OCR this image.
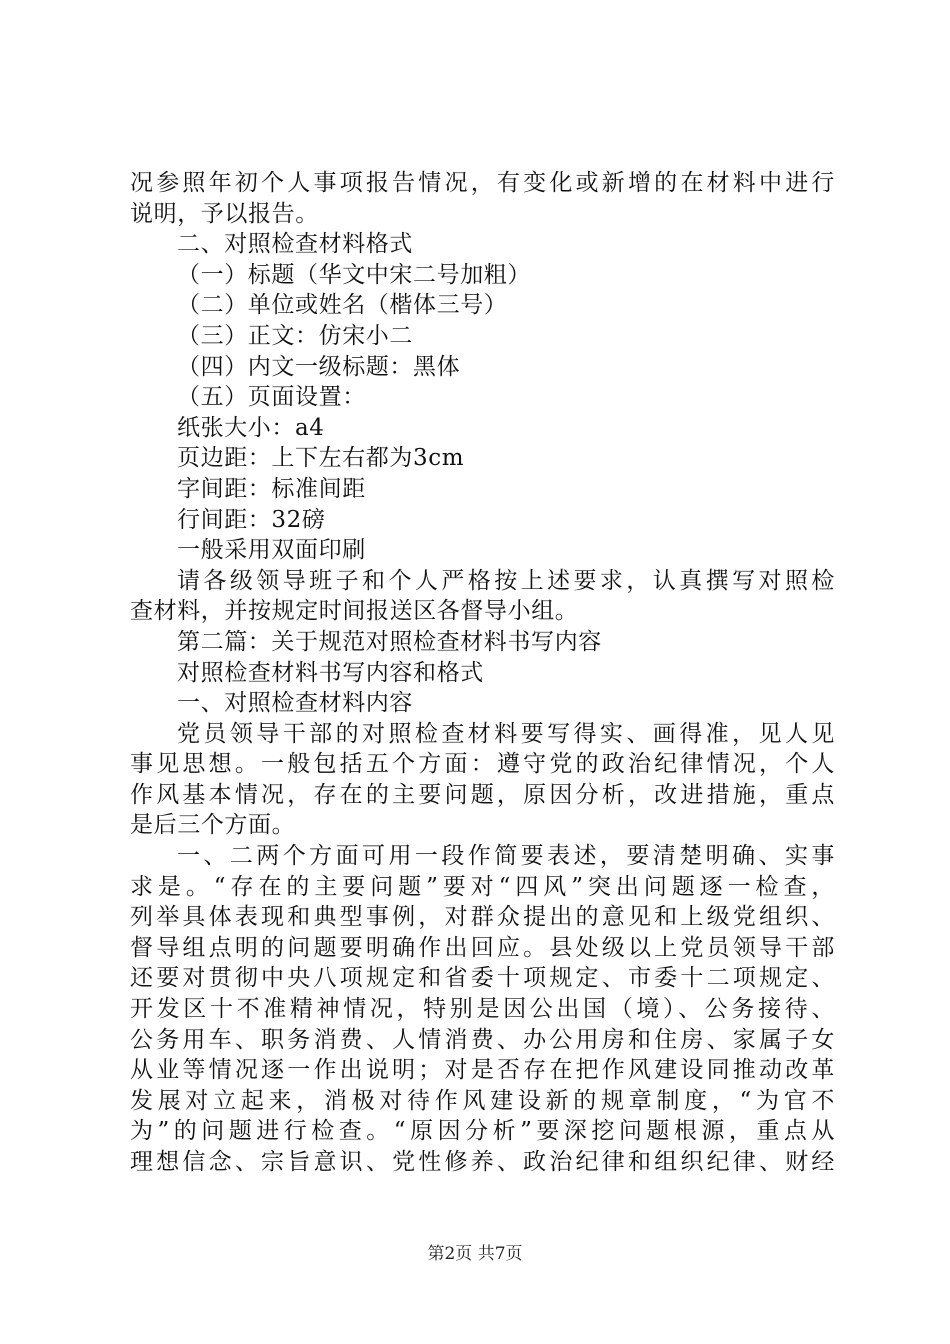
况参照年初个人事项报告情况，有变化或新增的在材料中进行
说明，予以报告。
二、对照检查材料格式
（一）标题（华文中宋二号加粗）
（二）单位或姓名（楷体三号）
（三）正文：仿宋小二
（四）内文一级标题：黑体
（五）页面设置：
纸张大小：a4
页边距：上下左右都为3cm
字间距：标准间距
行间距：32磅
一般采用双面印刷
请各级领导班子和个人严格按上述要求，认真撰写对照检
查材料，并按规定时间报送区各督导小组。
第二篇：关于规范对照检查材料书写内容
对照检查材料书写内容和格式
一、对照检查材料内容
党员领导干部的对照检查材料要写得实、画得准，见人见
事见思想。一般包括五个方面：遵守党的政治纪律情况，个人
作风基本情况，存在的主要问题，原因分析，改进措施，重点
是后三个方面。
一、二两个方面可用一段作简要表述，要清楚明确、实事
求是。“存在的主要问题”要对“四风”突出问题逐一检查，
列举具体表现和典型事例，对群众提出的意见和上级党组织、
督导组点明的问题要明确作出回应。县处级以上党员领导干部
还要对贯彻中央八项规定和省委十项规定、市委十二项规定、
开发区十不准精神情况，特别是因公出国（境）、公务接待、
公务用车、职务消费、人情消费、办公用房和住房、家属子女
从业等情况逐一作出说明；对是否存在把作风建设同推动改革
发展对立起来，消极对待作风建设新的规章制度，“为官不
为”的问题进行检查。“原因分析”要深挖问题根源，重点从
理想信念、宗旨意识、党性修养、政治纪律和组织纪律、财经
第2页 共7页
